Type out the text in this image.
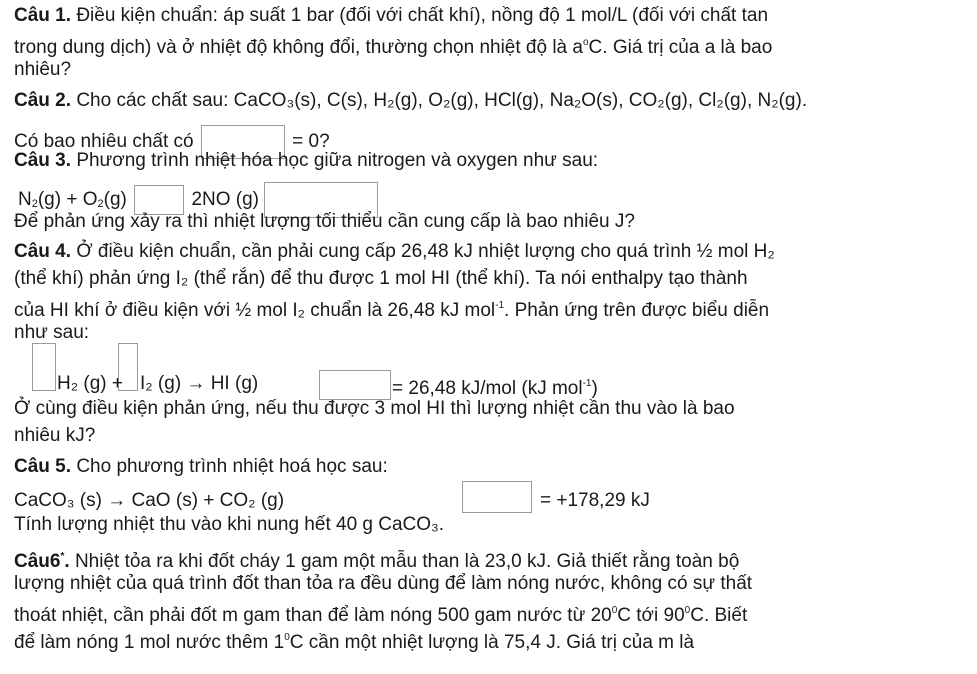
Câu 1. Điều kiện chuẩn: áp suất 1 bar (đối với chất khí), nồng độ 1 mol/L (đối với chất tan
trong dung dịch) và ở nhiệt độ không đổi, thường chọn nhiệt độ là $a^oC$. Giá trị của a là bao
nhiêu?
Câu 2. Cho các chất sau: CaCO₃(s), C(s), H₂(g), O₂(g), HCl(g), Na₂O(s), CO₂(g), Cl₂(g), N₂(g).
Có bao nhiêu chất có	= 0?
Câu 3. Phương trình nhiệt hóa học giữa nitrogen và oxygen như sau:
$N_2(g) + O_2(g)$	2NO (g)
Để phản ứng xảy ra thì nhiệt lượng tối thiểu cần cung cấp là bao nhiêu J?
Câu 4. Ở điều kiện chuẩn, cần phải cung cấp 26,48 kJ nhiệt lượng cho quá trình ½ mol H₂
(thể khí) phản ứng I₂ (thể rắn) để thu được 1 mol HI (thể khí). Ta nói enthalpy tạo thành
của HI khí ở điều kiện với ½ mol I₂ chuẩn là 26,48 kJ mol$^{-1}$. Phản ứng trên được biểu diễn
như sau:
H₂ (g) + I₂ (g) → HI (g)	= 26,48 kJ/mol (kJ mol$^{-1}$)
Ở cùng điều kiện phản ứng, nếu thu được 3 mol HI thì lượng nhiệt cần thu vào là bao
nhiêu kJ?
Câu 5. Cho phương trình nhiệt hoá học sau:
CaCO₃ (s) → CaO (s) + CO₂ (g)	= +178,29 kJ
Tính lượng nhiệt thu vào khi nung hết 40 g CaCO₃.
Câu6*. Nhiệt tỏa ra khi đốt cháy 1 gam một mẫu than là 23,0 kJ. Giả thiết rằng toàn bộ
lượng nhiệt của quá trình đốt than tỏa ra đều dùng để làm nóng nước, không có sự thất
thoát nhiệt, cần phải đốt m gam than để làm nóng 500 gam nước từ $20^0C$ tới $90^0C$. Biết
để làm nóng 1 mol nước thêm $1^0C$ cần một nhiệt lượng là 75,4 J. Giá trị của m là
